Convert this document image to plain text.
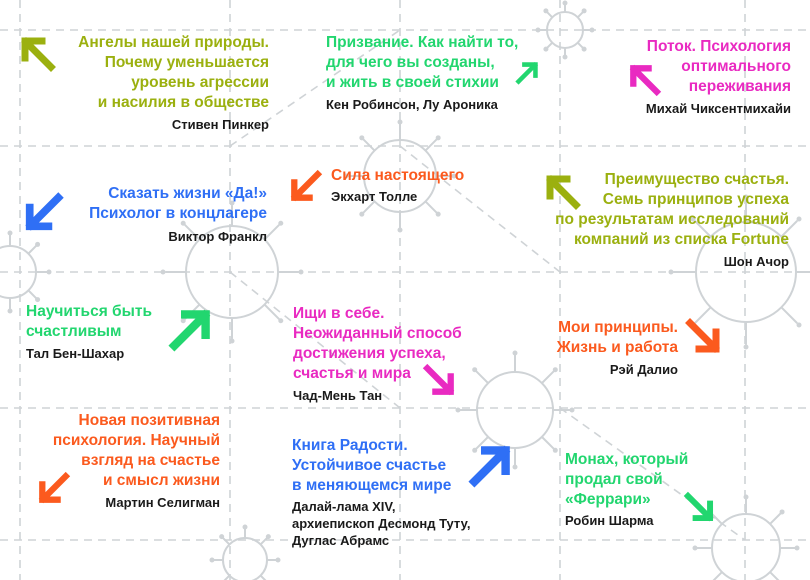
Ангелы нашей природы.
Почему уменьшается
уровень агрессии
и насилия в обществе
Стивен Пинкер
Призвание. Как найти то,
для чего вы созданы,
и жить в своей стихии
Кен Робинсон, Лу Ароника
Поток. Психология
оптимального
переживания
Михай Чиксентмихайи
Сила настоящего
Экхарт Толле
Сказать жизни «Да!»
Психолог в концлагере
Виктор Франкл
Преимущество счастья.
Семь принципов успеха
по результатам исследований
компаний из списка Fortune
Шон Ачор
Научиться быть
счастливым
Тал Бен-Шахар
Ищи в себе.
Неожиданный способ
достижения успеха,
счастья и мира
Чад-Мень Тан
Мои принципы.
Жизнь и работа
Рэй Далио
Новая позитивная
психология. Научный
взгляд на счастье
и смысл жизни
Мартин Селигман
Книга Радости.
Устойчивое счастье
в меняющемся мире
Далай-лама XIV,
архиепископ Десмонд Туту,
Дуглас Абрамс
Монах, который
продал свой
«Феррари»
Робин Шарма
